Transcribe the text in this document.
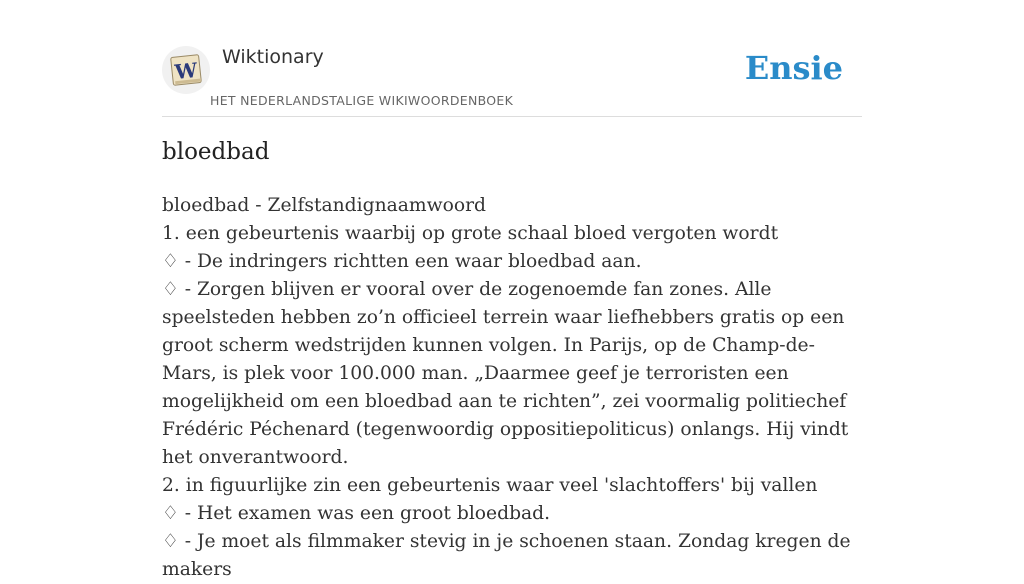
W
Wiktionary
HET NEDERLANDSTALIGE WIKIWOORDENBOEK
Ensie
bloedbad
bloedbad - Zelfstandignaamwoord
1. een gebeurtenis waarbij op grote schaal bloed vergoten wordt
♢ - De indringers richtten een waar bloedbad aan.
♢ - Zorgen blijven er vooral over de zogenoemde fan zones. Alle speelsteden hebben zo’n officieel terrein waar liefhebbers gratis op een groot scherm wedstrijden kunnen volgen. In Parijs, op de Champ-de-Mars, is plek voor 100.000 man. „Daarmee geef je terroristen een mogelijkheid om een bloedbad aan te richten”, zei voormalig politiechef Frédéric Péchenard (tegenwoordig oppositiepoliticus) onlangs. Hij vindt het onverantwoord.
2. in figuurlijke zin een gebeurtenis waar veel 'slachtoffers' bij vallen
♢ - Het examen was een groot bloedbad.
♢ - Je moet als filmmaker stevig in je schoenen staan. Zondag kregen de makers
